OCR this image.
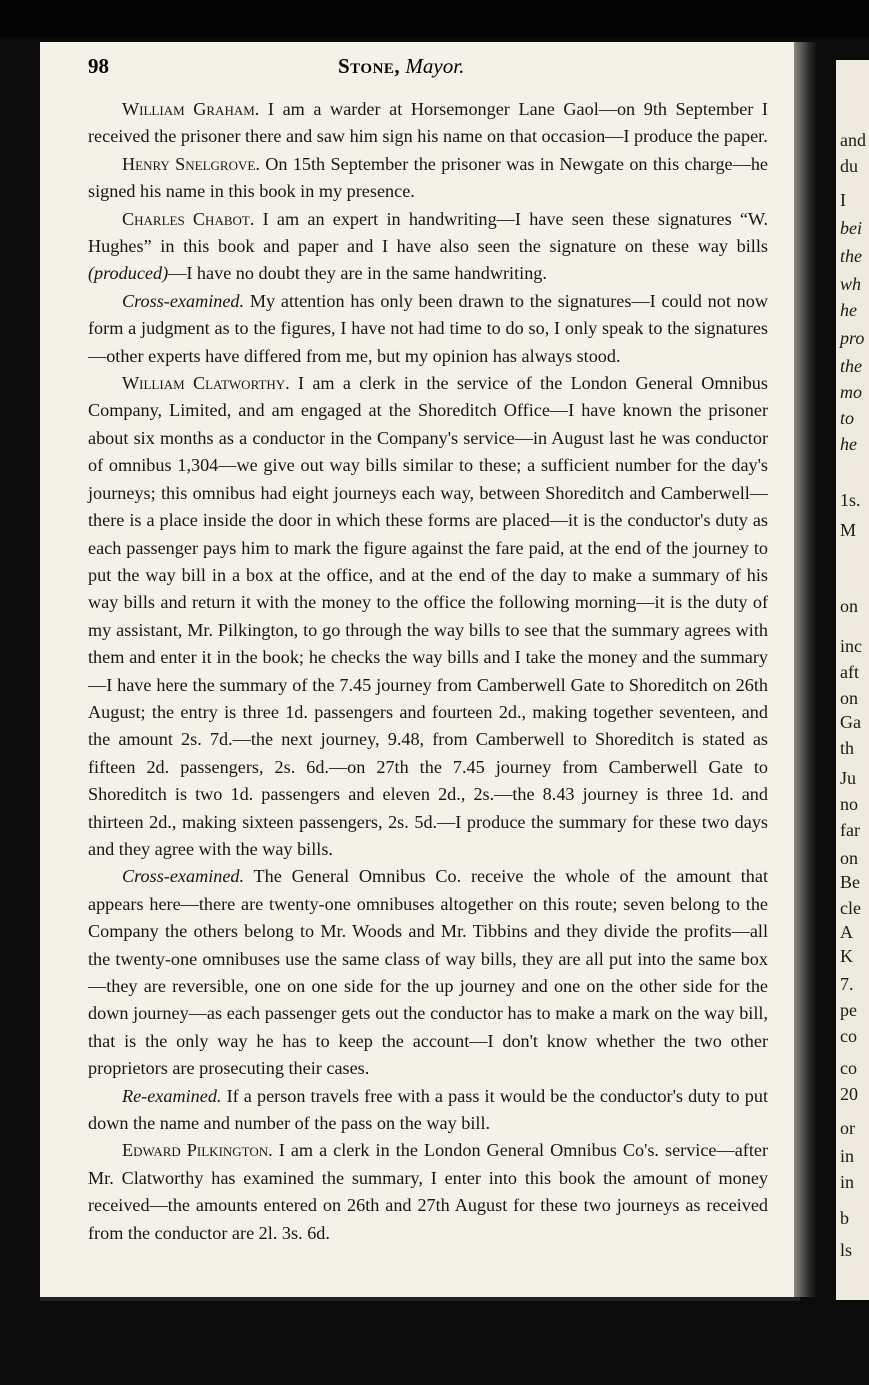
and
du
I
bei
the
wh
he
pro
the
mo
to
he
1s.
M
on
inc
aft
on
Ga
th
Ju
no
far
on
Be
cle
A
K
7.
pe
co
co
20
or
in
in
b
ls
98	Stone, Mayor.

William Graham. I am a warder at Horsemonger Lane Gaol—on 9th September I received the prisoner there and saw him sign his name on that occasion—I produce the paper.

Henry Snelgrove. On 15th September the prisoner was in Newgate on this charge—he signed his name in this book in my presence.

Charles Chabot. I am an expert in handwriting—I have seen these signatures “W. Hughes” in this book and paper and I have also seen the signature on these way bills (produced)—I have no doubt they are in the same handwriting.

Cross-examined. My attention has only been drawn to the signatures—I could not now form a judgment as to the figures, I have not had time to do so, I only speak to the signatures—other experts have differed from me, but my opinion has always stood.

William Clatworthy. I am a clerk in the service of the London General Omnibus Company, Limited, and am engaged at the Shoreditch Office—I have known the prisoner about six months as a conductor in the Company's service—in August last he was conductor of omnibus 1,304—we give out way bills similar to these; a sufficient number for the day's journeys; this omnibus had eight journeys each way, between Shoreditch and Camberwell—there is a place inside the door in which these forms are placed—it is the conductor's duty as each passenger pays him to mark the figure against the fare paid, at the end of the journey to put the way bill in a box at the office, and at the end of the day to make a summary of his way bills and return it with the money to the office the following morning—it is the duty of my assistant, Mr. Pilkington, to go through the way bills to see that the summary agrees with them and enter it in the book; he checks the way bills and I take the money and the summary—I have here the summary of the 7.45 journey from Camberwell Gate to Shoreditch on 26th August; the entry is three 1d. passengers and fourteen 2d., making together seventeen, and the amount 2s. 7d.—the next journey, 9.48, from Camberwell to Shoreditch is stated as fifteen 2d. passengers, 2s. 6d.—on 27th the 7.45 journey from Camberwell Gate to Shoreditch is two 1d. passengers and eleven 2d., 2s.—the 8.43 journey is three 1d. and thirteen 2d., making sixteen passengers, 2s. 5d.—I produce the summary for these two days and they agree with the way bills.

Cross-examined. The General Omnibus Co. receive the whole of the amount that appears here—there are twenty-one omnibuses altogether on this route; seven belong to the Company the others belong to Mr. Woods and Mr. Tibbins and they divide the profits—all the twenty-one omnibuses use the same class of way bills, they are all put into the same box—they are reversible, one on one side for the up journey and one on the other side for the down journey—as each passenger gets out the conductor has to make a mark on the way bill, that is the only way he has to keep the account—I don't know whether the two other proprietors are prosecuting their cases.

Re-examined. If a person travels free with a pass it would be the conductor's duty to put down the name and number of the pass on the way bill.

Edward Pilkington. I am a clerk in the London General Omnibus Co's. service—after Mr. Clatworthy has examined the summary, I enter into this book the amount of money received—the amounts entered on 26th and 27th August for these two journeys as received from the conductor are 2l. 3s. 6d.
